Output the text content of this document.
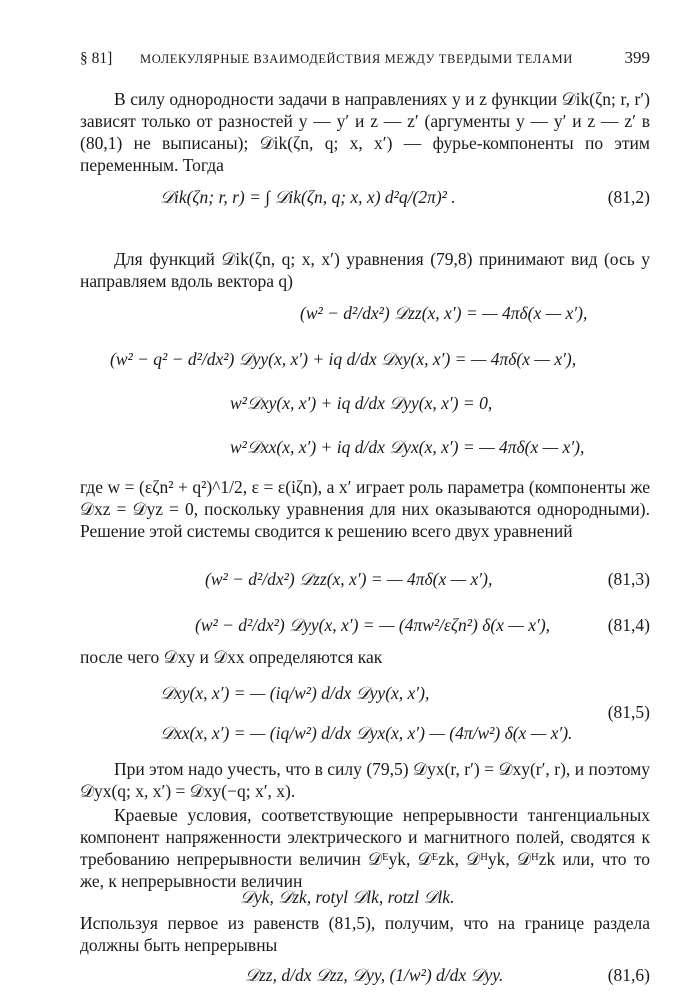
§ 81] МОЛЕКУЛЯРНЫЕ ВЗАИМОДЕЙСТВИЯ МЕЖДУ ТВЕРДЫМИ ТЕЛАМИ	399
В силу однородности задачи в направлениях y и z функции 𝒟ik(ζn; r, r′) зависят только от разностей y — y′ и z — z′ (аргументы y — y′ и z — z′ в (80,1) не выписаны); 𝒟ik(ζn, q; x, x′) — фурье-компоненты по этим переменным. Тогда
𝒟ik(ζn; r, r) = ∫ 𝒟ik(ζn, q; x, x) d²q/(2π)² .	(81,2)
Для функций 𝒟ik(ζn, q; x, x′) уравнения (79,8) принимают вид (ось y направляем вдоль вектора q)
(w² − d²/dx²) 𝒟zz(x, x′) = — 4πδ(x — x′),
(w² − q² − d²/dx²) 𝒟yy(x, x′) + iq d/dx 𝒟xy(x, x′) = — 4πδ(x — x′),
w²𝒟xy(x, x′) + iq d/dx 𝒟yy(x, x′) = 0,
w²𝒟xx(x, x′) + iq d/dx 𝒟yx(x, x′) = — 4πδ(x — x′),
где w = (εζn² + q²)^1/2, ε = ε(iζn), а x′ играет роль параметра (компоненты же 𝒟xz = 𝒟yz = 0, поскольку уравнения для них оказываются однородными). Решение этой системы сводится к решению всего двух уравнений
(w² − d²/dx²) 𝒟zz(x, x′) = — 4πδ(x — x′),	(81,3)
(w² − d²/dx²) 𝒟yy(x, x′) = — (4πw²/εζn²) δ(x — x′),	(81,4)
после чего 𝒟xy и 𝒟xx определяются как
𝒟xy(x, x′) = — (iq/w²) d/dx 𝒟yy(x, x′),
𝒟xx(x, x′) = — (iq/w²) d/dx 𝒟yx(x, x′) — (4π/w²) δ(x — x′).
(81,5)
При этом надо учесть, что в силу (79,5) 𝒟yx(r, r′) = 𝒟xy(r′, r), и поэтому 𝒟yx(q; x, x′) = 𝒟xy(−q; x′, x).
Краевые условия, соответствующие непрерывности тангенциальных компонент напряженности электрического и магнитного полей, сводятся к требованию непрерывности величин 𝒟ᴱyk, 𝒟ᴱzk, 𝒟ᴴyk, 𝒟ᴴzk или, что то же, к непрерывности величин
𝒟yk, 𝒟zk, rotyl 𝒟lk, rotzl 𝒟lk.
Используя первое из равенств (81,5), получим, что на границе раздела должны быть непрерывны
𝒟zz, d/dx 𝒟zz, 𝒟yy, (1/w²) d/dx 𝒟yy.	(81,6)
